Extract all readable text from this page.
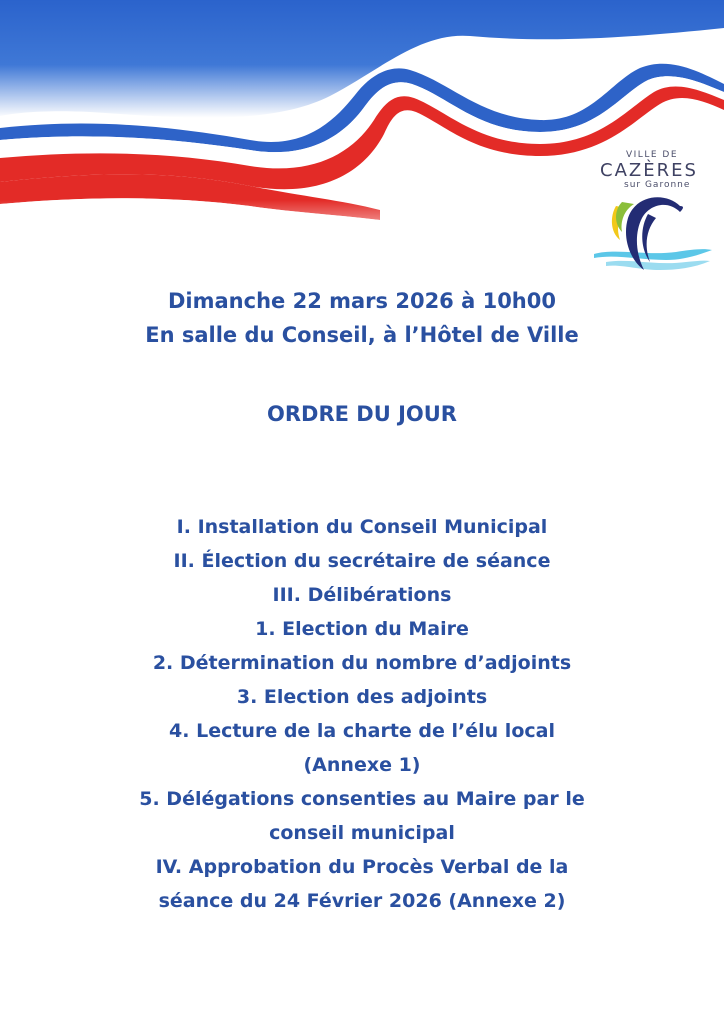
VILLE DE
CAZÈRES
sur Garonne
Dimanche 22 mars 2026 à 10h00
En salle du Conseil, à l’Hôtel de Ville
ORDRE DU JOUR
I. Installation du Conseil Municipal
II. Élection du secrétaire de séance
III. Délibérations
1. Election du Maire
2. Détermination du nombre d’adjoints
3. Election des adjoints
4. Lecture de la charte de l’élu local
(Annexe 1)
5. Délégations consenties au Maire par le
conseil municipal
IV. Approbation du Procès Verbal de la
séance du 24 Février 2026 (Annexe 2)
